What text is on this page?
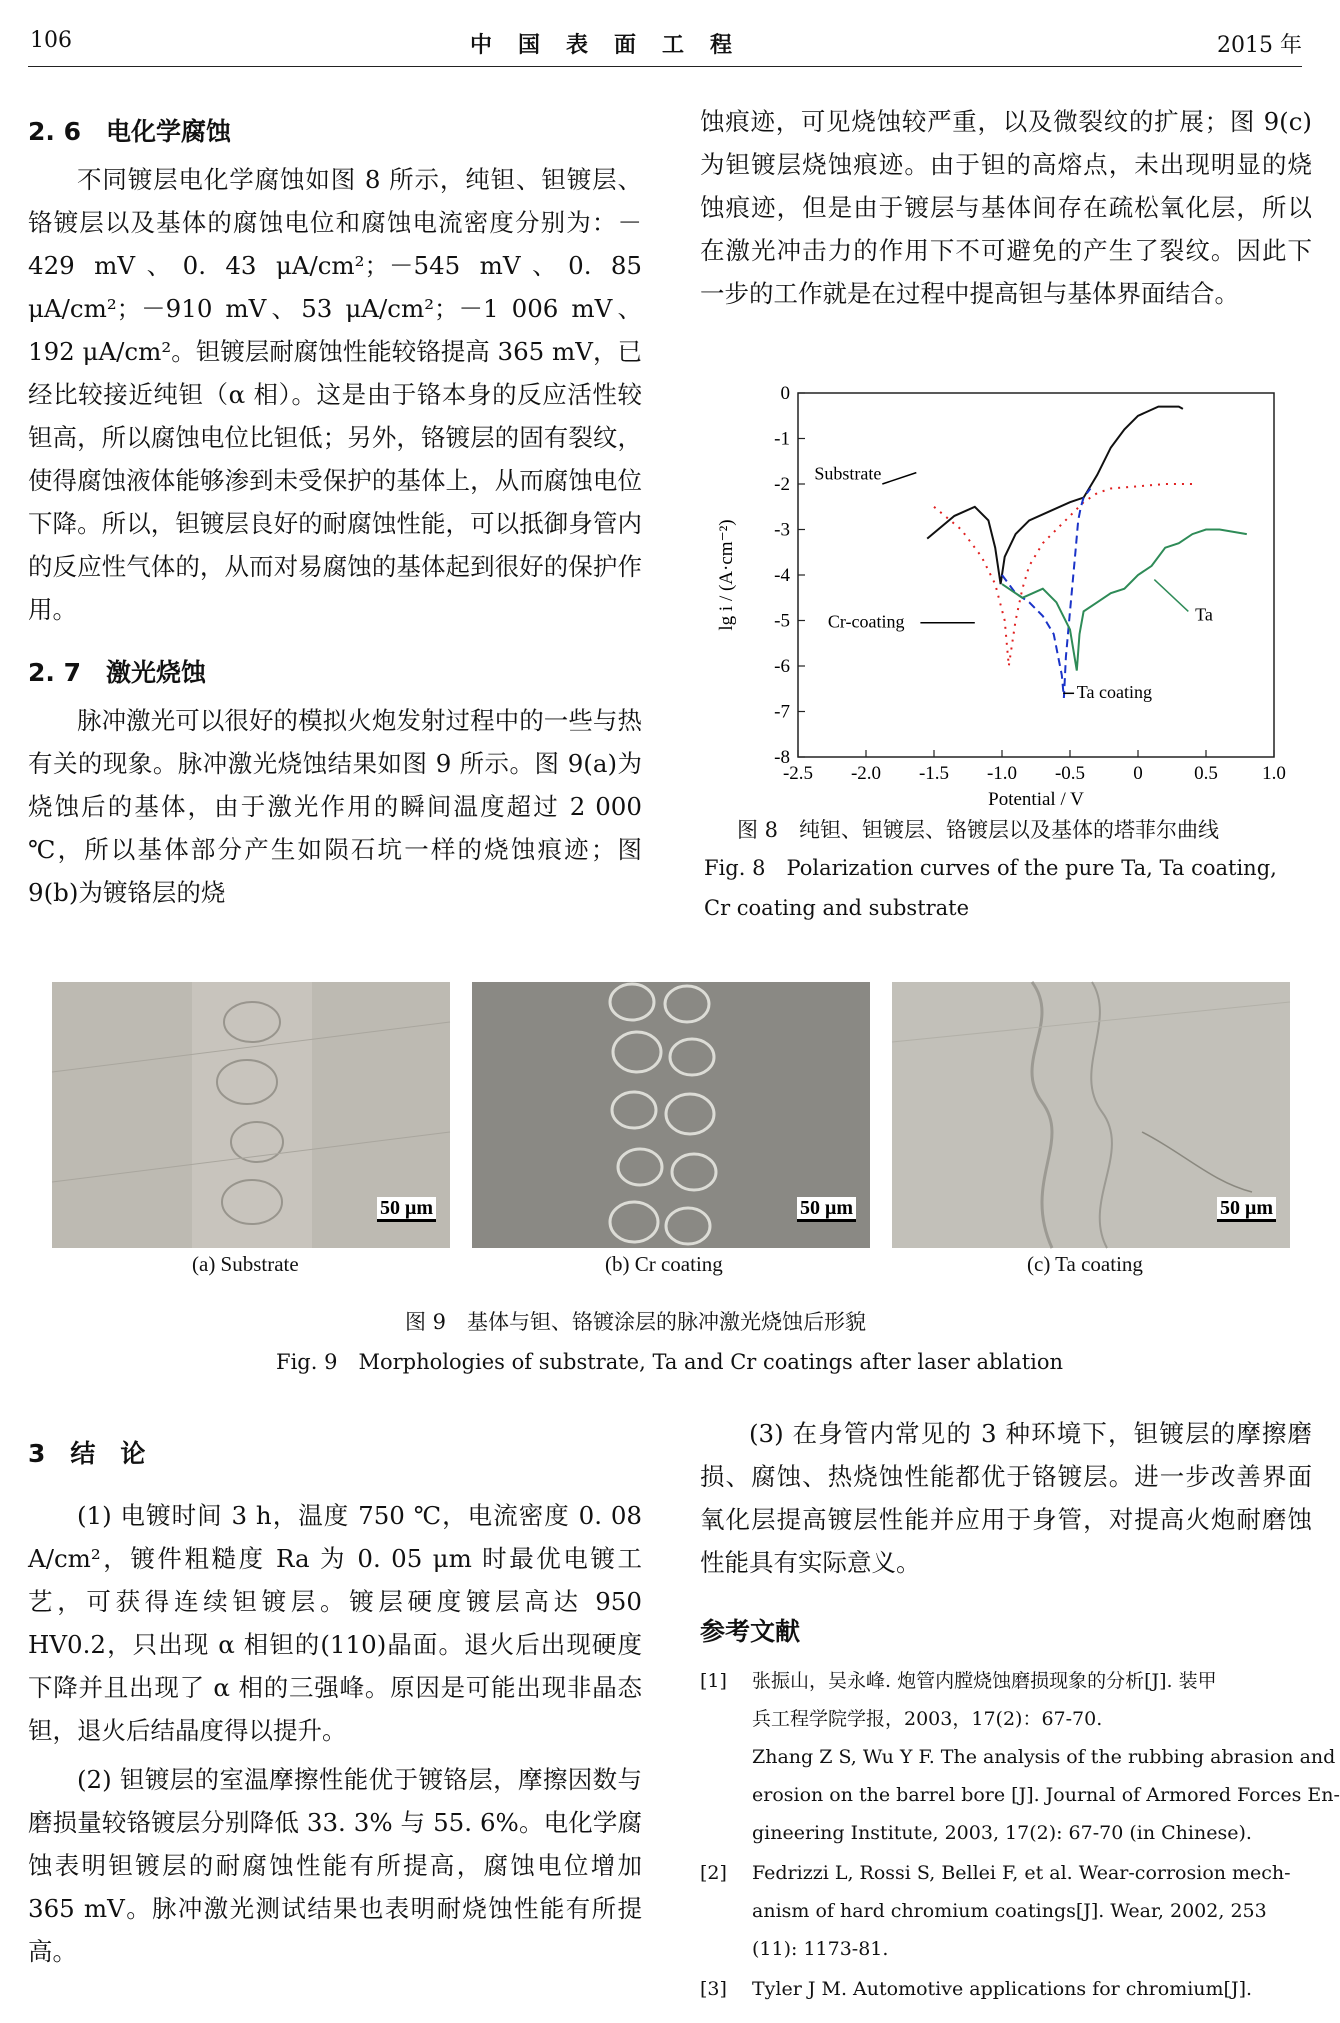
106	中　国　表　面　工　程	2015 年
2. 6　电化学腐蚀

不同镀层电化学腐蚀如图 8 所示，纯钽、钽镀层、铬镀层以及基体的腐蚀电位和腐蚀电流密度分别为：－429 mV、0. 43 μA/cm²；－545 mV、0. 85 μA/cm²；－910 mV、53 μA/cm²；－1 006 mV、192 μA/cm²。钽镀层耐腐蚀性能较铬提高 365 mV，已经比较接近纯钽（α 相）。这是由于铬本身的反应活性较钽高，所以腐蚀电位比钽低；另外，铬镀层的固有裂纹，使得腐蚀液体能够渗到未受保护的基体上，从而腐蚀电位下降。所以，钽镀层良好的耐腐蚀性能，可以抵御身管内的反应性气体的，从而对易腐蚀的基体起到很好的保护作用。

2. 7　激光烧蚀

脉冲激光可以很好的模拟火炮发射过程中的一些与热有关的现象。脉冲激光烧蚀结果如图 9 所示。图 9(a)为烧蚀后的基体，由于激光作用的瞬间温度超过 2 000 ℃，所以基体部分产生如陨石坑一样的烧蚀痕迹；图 9(b)为镀铬层的烧

蚀痕迹，可见烧蚀较严重，以及微裂纹的扩展；图 9(c)为钽镀层烧蚀痕迹。由于钽的高熔点，未出现明显的烧蚀痕迹，但是由于镀层与基体间存在疏松氧化层，所以在激光冲击力的作用下不可避免的产生了裂纹。因此下一步的工作就是在过程中提高钽与基体界面结合。

-2.5 -2.0 -1.5 -1.0 -0.5	0	0.5 1.0
0
-1
-2
-3
-4
-5
-6
-7
-8
Potential / V
lg i / (A·cm⁻²)
Substrate
Cr-coating	Ta
Ta coating
图 8　纯钽、钽镀层、铬镀层以及基体的塔菲尔曲线
Fig. 8　Polarization curves of the pure Ta, Ta coating,
Cr coating and substrate
50 μm	50 μm	50 μm
(a) Substrate	(b) Cr coating	(c) Ta coating
图 9　基体与钽、铬镀涂层的脉冲激光烧蚀后形貌
Fig. 9　Morphologies of substrate, Ta and Cr coatings after laser ablation
3　结　论

(1) 电镀时间 3 h，温度 750 ℃，电流密度 0. 08 A/cm²，镀件粗糙度 Ra 为 0. 05 μm 时最优电镀工艺，可获得连续钽镀层。镀层硬度镀层高达 950 HV0.2，只出现 α 相钽的(110)晶面。退火后出现硬度下降并且出现了 α 相的三强峰。原因是可能出现非晶态钽，退火后结晶度得以提升。

(2) 钽镀层的室温摩擦性能优于镀铬层，摩擦因数与磨损量较铬镀层分别降低 33. 3% 与 55. 6%。电化学腐蚀表明钽镀层的耐腐蚀性能有所提高，腐蚀电位增加 365 mV。脉冲激光测试结果也表明耐烧蚀性能有所提高。

(3) 在身管内常见的 3 种环境下，钽镀层的摩擦磨损、腐蚀、热烧蚀性能都优于铬镀层。进一步改善界面氧化层提高镀层性能并应用于身管，对提高火炮耐磨蚀性能具有实际意义。

参考文献
[1] 张振山，吴永峰. 炮管内膛烧蚀磨损现象的分析[J]. 装甲
兵工程学院学报，2003，17(2)：67-70.
Zhang Z S, Wu Y F. The analysis of the rubbing abrasion and
erosion on the barrel bore [J]. Journal of Armored Forces En-
gineering Institute, 2003, 17(2): 67-70 (in Chinese).
[2] Fedrizzi L, Rossi S, Bellei F, et al. Wear-corrosion mech-
anism of hard chromium coatings[J]. Wear, 2002, 253
(11): 1173-81.
[3] Tyler J M. Automotive applications for chromium[J].
